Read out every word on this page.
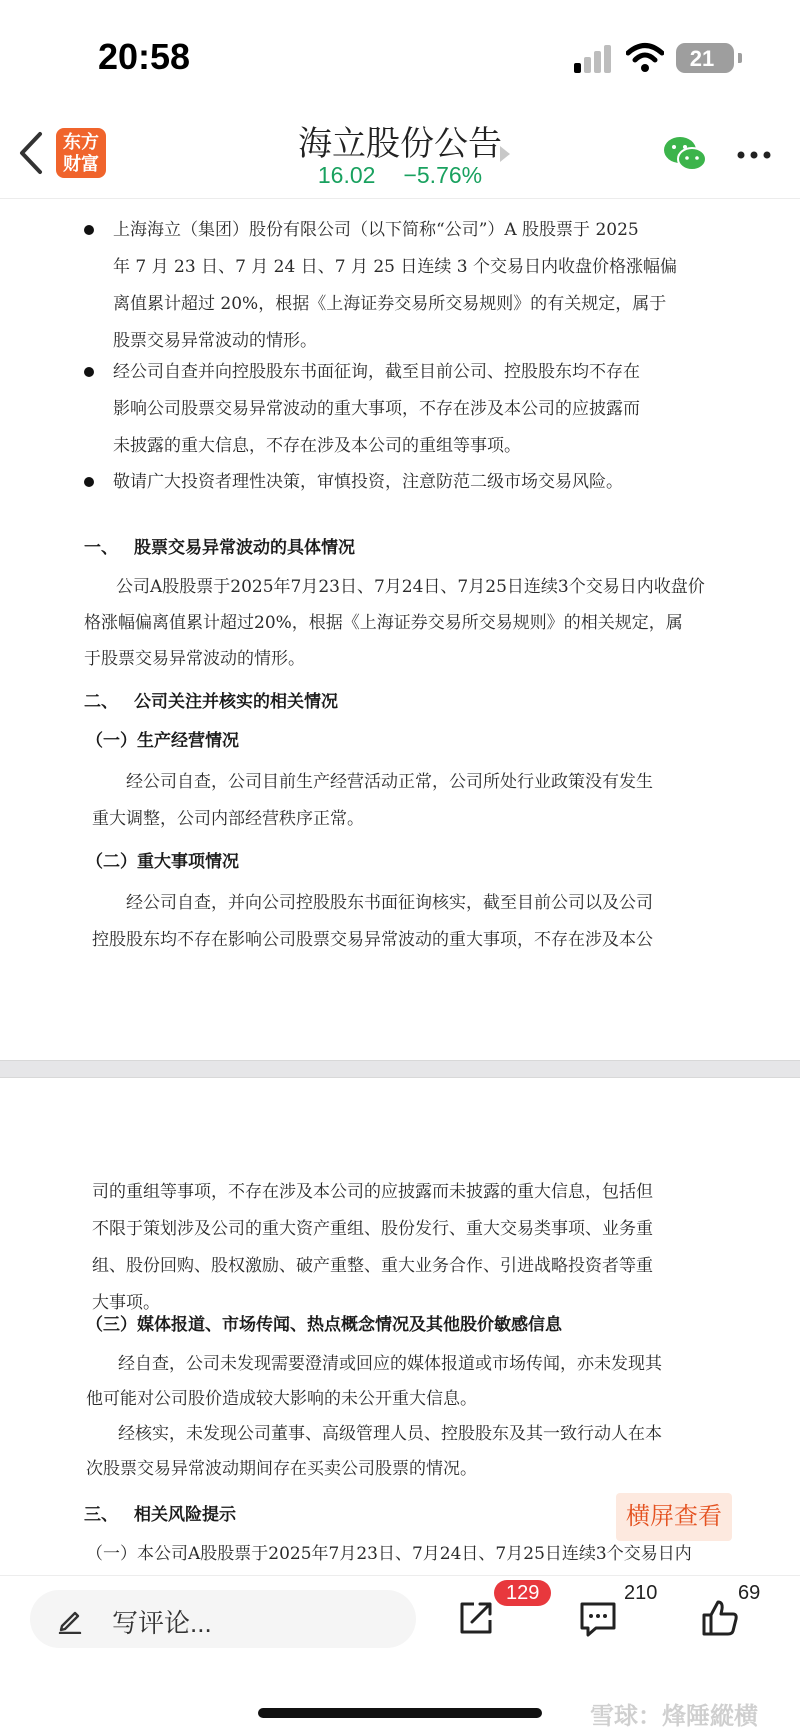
20:58	21
东方
财富
海立股份公告
16.02 −5.76%

上海海立（集团）股份有限公司（以下简称“公司”）A 股股票于 2025

年 7 月 23 日、7 月 24 日、7 月 25 日连续 3 个交易日内收盘价格涨幅偏

离值累计超过 20%，根据《上海证券交易所交易规则》的有关规定，属于

股票交易异常波动的情形。

经公司自查并向控股股东书面征询，截至目前公司、控股股东均不存在

影响公司股票交易异常波动的重大事项，不存在涉及本公司的应披露而

未披露的重大信息，不存在涉及本公司的重组等事项。

敬请广大投资者理性决策，审慎投资，注意防范二级市场交易风险。

一、 股票交易异常波动的具体情况

公司A股股票于2025年7月23日、7月24日、7月25日连续3个交易日内收盘价

格涨幅偏离值累计超过20%，根据《上海证券交易所交易规则》的相关规定，属

于股票交易异常波动的情形。

二、 公司关注并核实的相关情况
（一）生产经营情况

经公司自查，公司目前生产经营活动正常，公司所处行业政策没有发生

重大调整，公司内部经营秩序正常。

（二）重大事项情况

经公司自查，并向公司控股股东书面征询核实，截至目前公司以及公司

控股股东均不存在影响公司股票交易异常波动的重大事项，不存在涉及本公

司的重组等事项，不存在涉及本公司的应披露而未披露的重大信息，包括但

不限于策划涉及公司的重大资产重组、股份发行、重大交易类事项、业务重

组、股份回购、股权激励、破产重整、重大业务合作、引进战略投资者等重

大事项。

（三）媒体报道、市场传闻、热点概念情况及其他股价敏感信息

经自查，公司未发现需要澄清或回应的媒体报道或市场传闻，亦未发现其

他可能对公司股价造成较大影响的未公开重大信息。

经核实，未发现公司董事、高级管理人员、控股股东及其一致行动人在本

次股票交易异常波动期间存在买卖公司股票的情况。

三、 相关风险提示

（一）本公司A股股票于2025年7月23日、7月24日、7月25日连续3个交易日内

横屏查看
写评论...
129	210	69
雪球：烽陲縱横
